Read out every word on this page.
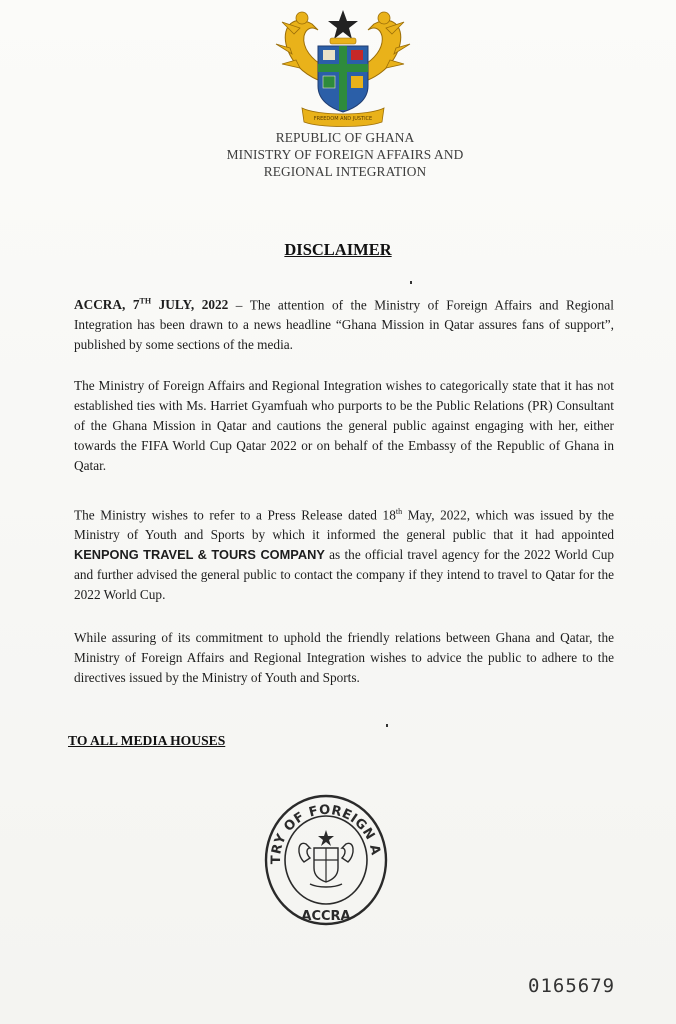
FREEDOM AND JUSTICE
REPUBLIC OF GHANA
MINISTRY OF FOREIGN AFFAIRS AND
REGIONAL INTEGRATION
DISCLAIMER

ACCRA, 7TH JULY, 2022 – The attention of the Ministry of Foreign Affairs and Regional Integration has been drawn to a news headline “Ghana Mission in Qatar assures fans of support”, published by some sections of the media.

The Ministry of Foreign Affairs and Regional Integration wishes to categorically state that it has not established ties with Ms. Harriet Gyamfuah who purports to be the Public Relations (PR) Consultant of the Ghana Mission in Qatar and cautions the general public against engaging with her, either towards the FIFA World Cup Qatar 2022 or on behalf of the Embassy of the Republic of Ghana in Qatar.

The Ministry wishes to refer to a Press Release dated 18th May, 2022, which was issued by the Ministry of Youth and Sports by which it informed the general public that it had appointed KENPONG TRAVEL & TOURS COMPANY as the official travel agency for the 2022 World Cup and further advised the general public to contact the company if they intend to travel to Qatar for the 2022 World Cup.

While assuring of its commitment to uphold the friendly relations between Ghana and Qatar, the Ministry of Foreign Affairs and Regional Integration wishes to advice the public to adhere to the directives issued by the Ministry of Youth and Sports.

TO ALL MEDIA HOUSES
TRY OF FOREIGN A
ACCRA
0165679
